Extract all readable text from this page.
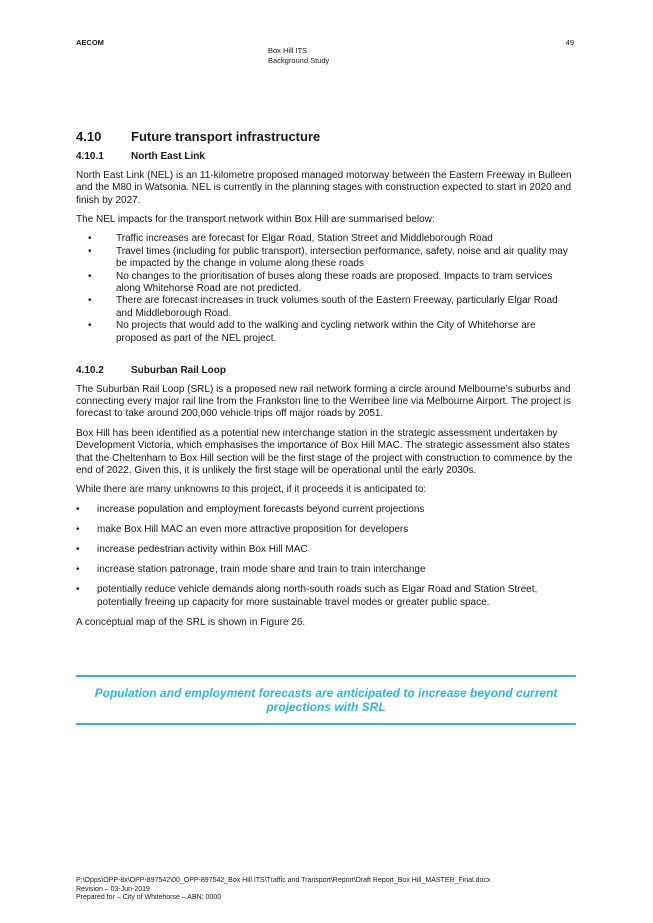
AECOM
Box Hill ITS
Background Study
49
4.10	Future transport infrastructure
4.10.1	North East Link

North East Link (NEL) is an 11-kilometre proposed managed motorway between the Eastern Freeway in Bulleen and the M80 in Watsonia. NEL is currently in the planning stages with construction expected to start in 2020 and finish by 2027.

The NEL impacts for the transport network within Box Hill are summarised below:

• Traffic increases are forecast for Elgar Road, Station Street and Middleborough Road
• Travel times (including for public transport), intersection performance, safety, noise and air quality may be impacted by the change in volume along these roads
• No changes to the prioritisation of buses along these roads are proposed. Impacts to tram services along Whitehorse Road are not predicted.
• There are forecast increases in truck volumes south of the Eastern Freeway, particularly Elgar Road and Middleborough Road.
• No projects that would add to the walking and cycling network within the City of Whitehorse are proposed as part of the NEL project.
4.10.2	Suburban Rail Loop

The Suburban Rail Loop (SRL) is a proposed new rail network forming a circle around Melbourne’s suburbs and connecting every major rail line from the Frankston line to the Werribee line via Melbourne Airport. The project is forecast to take around 200,000 vehicle trips off major roads by 2051.

Box Hill has been identified as a potential new interchange station in the strategic assessment undertaken by Development Victoria, which emphasises the importance of Box Hill MAC. The strategic assessment also states that the Cheltenham to Box Hill section will be the first stage of the project with construction to commence by the end of 2022. Given this, it is unlikely the first stage will be operational until the early 2030s.

While there are many unknowns to this project, if it proceeds it is anticipated to:

• increase population and employment forecasts beyond current projections
• make Box Hill MAC an even more attractive proposition for developers
• increase pedestrian activity within Box Hill MAC
• increase station patronage, train mode share and train to train interchange
• potentially reduce vehicle demands along north-south roads such as Elgar Road and Station Street, potentially freeing up capacity for more sustainable travel modes or greater public space.

A conceptual map of the SRL is shown in Figure 26.

Population and employment forecasts are anticipated to increase beyond current projections with SRL
P:\Opps\OPP-8x\OPP-897542\00_OPP-897542_Box Hill ITS\Traffic and Transport\Report\Draft Report_Box Hill_MASTER_Final.docx
Revision – 03-Jun-2019
Prepared for – City of Whitehorse – ABN: 0000
